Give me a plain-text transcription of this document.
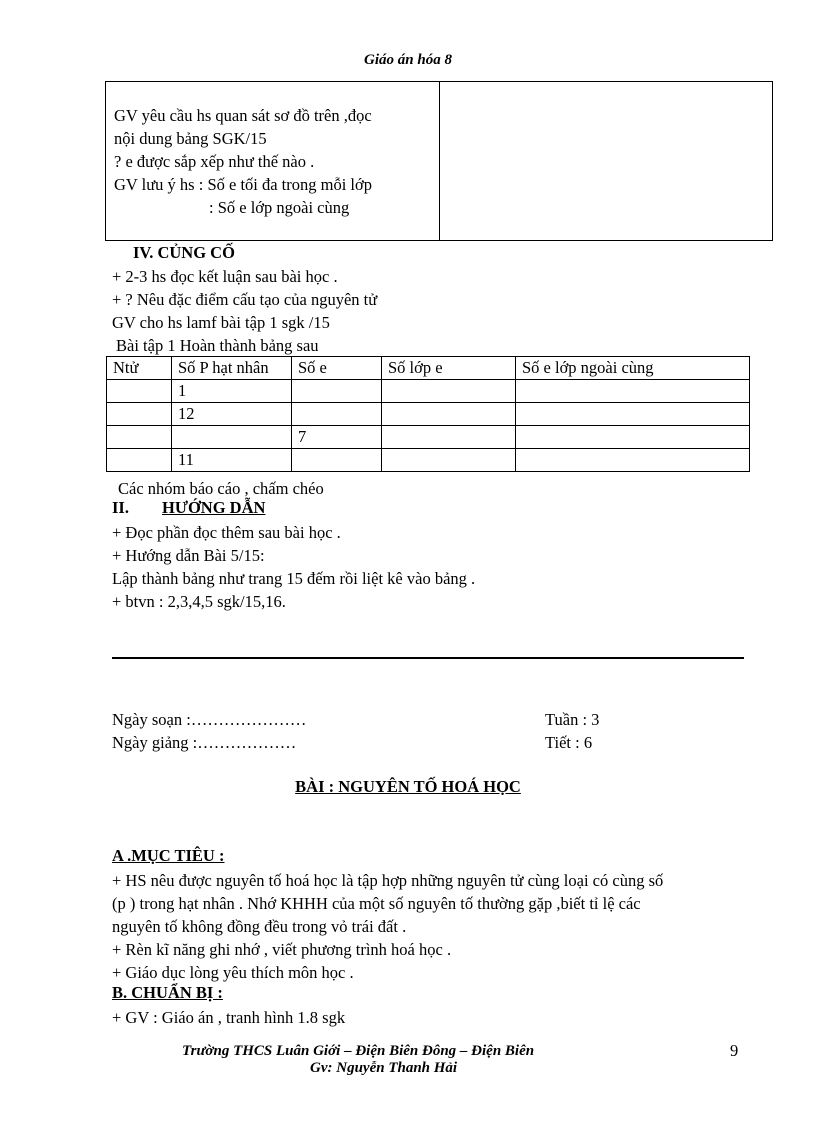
Giáo án hóa 8
GV yêu cầu hs quan sát sơ đồ trên ,đọc
nội dung bảng SGK/15
? e được sắp xếp như thế nào .
GV lưu ý hs : Số e tối đa trong mỗi lớp
: Số e lớp ngoài cùng

IV. CỦNG CỐ
+ 2-3 hs đọc kết luận sau bài học .
+ ? Nêu đặc điểm cấu tạo của nguyên tử
GV cho hs lamf bài tập 1 sgk /15
Bài tập 1 Hoàn thành bảng sau
Ntử	Số P hạt nhân	Số e	Số lớp e	Số e lớp ngoài cùng
	1			
	12			
		7		
	11			
Các nhóm báo cáo , chấm chéo
II. HƯỚNG DẪN
+ Đọc phần đọc thêm sau bài học .
+ Hướng dẫn Bài 5/15:
Lập thành bảng như trang 15 đếm rồi liệt kê vào bảng .
+ btvn : 2,3,4,5 sgk/15,16.
Ngày soạn :…………………
Ngày giảng :………………
Tuần : 3
Tiết : 6
BÀI : NGUYÊN TỐ HOÁ HỌC
A .MỤC TIÊU :
+ HS nêu được nguyên tố hoá học là tập hợp những nguyên tử cùng loại có cùng số
(p ) trong hạt nhân . Nhớ KHHH của một số nguyên tố thường gặp ,biết tỉ lệ các
nguyên tố không đồng đều trong vỏ trái đất .
+ Rèn kĩ năng ghi nhớ , viết phương trình hoá học .
+ Giáo dục lòng yêu thích môn học .
B. CHUẨN BỊ :
+ GV : Giáo án , tranh hình 1.8 sgk
Trường THCS Luân Giới – Điện Biên Đông – Điện Biên
Gv: Nguyễn Thanh Hải
9
